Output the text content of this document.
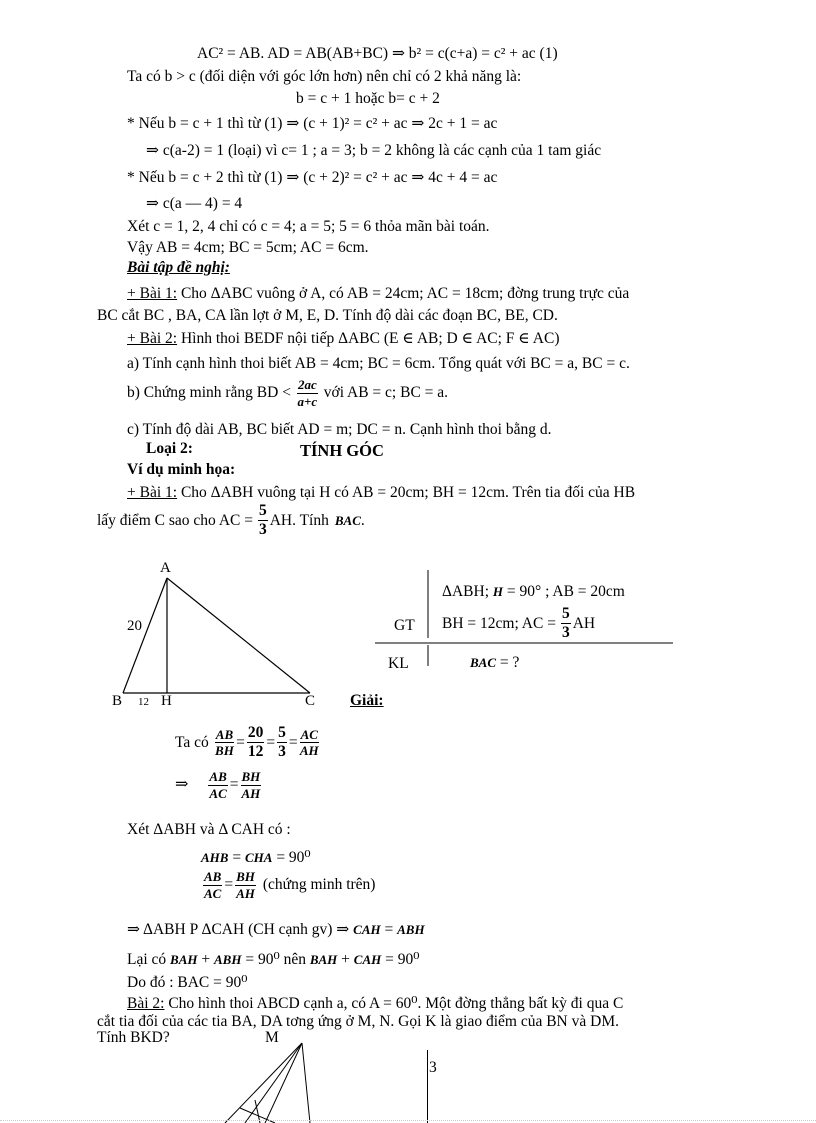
AC² = AB. AD = AB(AB+BC) ⇒ b² = c(c+a) = c² + ac (1)
Ta có b > c (đối diện với góc lớn hơn) nên chỉ có 2 khả năng là:
b = c + 1 hoặc b= c + 2
* Nếu b = c + 1 thì từ (1) ⇒ (c + 1)² = c² + ac ⇒ 2c + 1 = ac
⇒ c(a-2) = 1 (loại) vì c= 1 ; a = 3; b = 2 không là các cạnh của 1 tam giác
* Nếu b = c + 2 thì từ (1) ⇒ (c + 2)² = c² + ac ⇒ 4c + 4 = ac
⇒ c(a — 4) = 4
Xét c = 1, 2, 4 chỉ có c = 4; a = 5; 5 = 6 thỏa mãn bài toán.
Vậy AB = 4cm; BC = 5cm; AC = 6cm.
Bài tập đề nghị:
+ Bài 1: Cho ΔABC vuông ở A, có AB = 24cm; AC = 18cm; đờng trung trực của
BC cắt BC , BA, CA lần lợt ở M, E, D. Tính độ dài các đoạn BC, BE, CD.
+ Bài 2: Hình thoi BEDF nội tiếp ΔABC (E ∈ AB; D ∈ AC; F ∈ AC)
a) Tính cạnh hình thoi biết AB = 4cm; BC = 6cm. Tổng quát với BC = a, BC = c.
b) Chứng minh rằng BD < $\frac{2ac}{a+c}$ với AB = c; BC = a.
c) Tính độ dài AB, BC biết AD = m; DC = n. Cạnh hình thoi bằng d.
Loại 2:	TÍNH GÓC
Ví dụ minh họa:
+ Bài 1: Cho ΔABH vuông tại H có AB = 20cm; BH = 12cm. Trên tia đối của HB
lấy điểm C sao cho AC = $\frac{5}{3}$ AH. Tính BAC .
A
B	H	C
20
12
GT
KL
ΔABH; H = 90° ; AB = 20cm
BH = 12cm; AC = $\frac{5}{3}$ AH
BAC = ?
Giải:
Ta có $\frac{AB}{BH} = \frac{20}{12} = \frac{5}{3} = \frac{AC}{AH}$
⇒ $\frac{AB}{AC} = \frac{BH}{AH}$
Xét ΔABH và Δ CAH có :
AHB = CHA = 90⁰
$\frac{AB}{AC} = \frac{BH}{AH}$ (chứng minh trên)
⇒ ΔABH P ΔCAH (CH cạnh gv) ⇒ CAH = ABH
Lại có BAH + ABH = 90⁰ nên BAH + CAH = 90⁰
Do đó : BAC = 90⁰
Bài 2: Cho hình thoi ABCD cạnh a, có A = 60⁰. Một đờng thẳng bất kỳ đi qua C
cắt tia đối của các tia BA, DA tơng ứng ở M, N. Gọi K là giao điểm của BN và DM.
Tính BKD?	M
3
